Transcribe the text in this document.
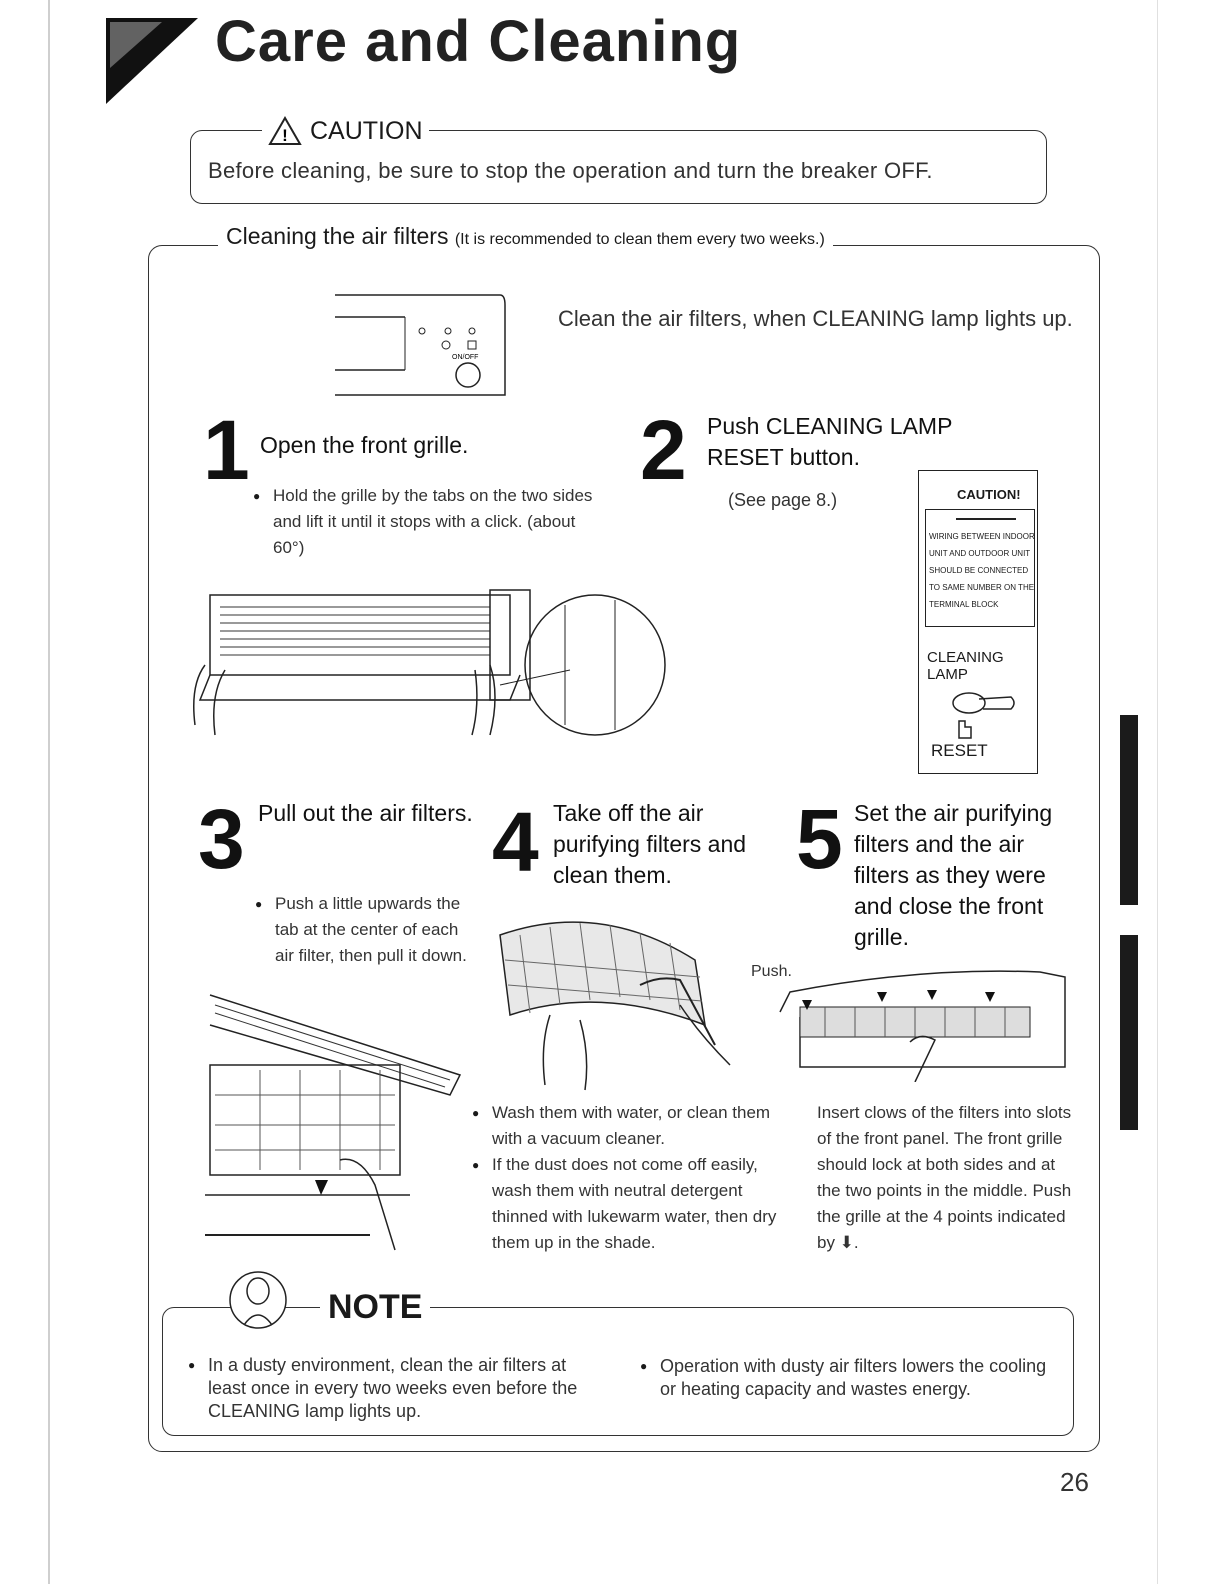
Care and Cleaning
! CAUTION
Before cleaning, be sure to stop the operation and turn the breaker OFF.
Cleaning the air filters (It is recommended to clean them every two weeks.)
ON/OFF
Clean the air filters, when CLEANING lamp lights up.
1 Open the front grille.
● Hold the grille by the tabs on the two sides and lift it until it stops with a click. (about 60°)
2 Push CLEANING LAMP RESET button.
(See page 8.)	CAUTION!
WIRING BETWEEN INDOOR
UNIT AND OUTDOOR UNIT
SHOULD BE CONNECTED
TO SAME NUMBER ON THE
TERMINAL BLOCK
CLEANING LAMP
RESET
3 Pull out the air filters.
● Push a little upwards the tab at the center of each air filter, then pull it down.
4 Take off the air purifying filters and clean them.
● Wash them with water, or clean them with a vacuum cleaner.
● If the dust does not come off easily, wash them with neutral detergent thinned with lukewarm water, then dry them up in the shade.
5 Set the air purifying filters and the air filters as they were and close the front grille.
Push.
Insert clows of the filters into slots of the front panel. The front grille should lock at both sides and at the two points in the middle. Push the grille at the 4 points indicated by ⬇.
NOTE
● In a dusty environment, clean the air filters at least once in every two weeks even before the CLEANING lamp lights up.
● Operation with dusty air filters lowers the cooling or heating capacity and wastes energy.
26
